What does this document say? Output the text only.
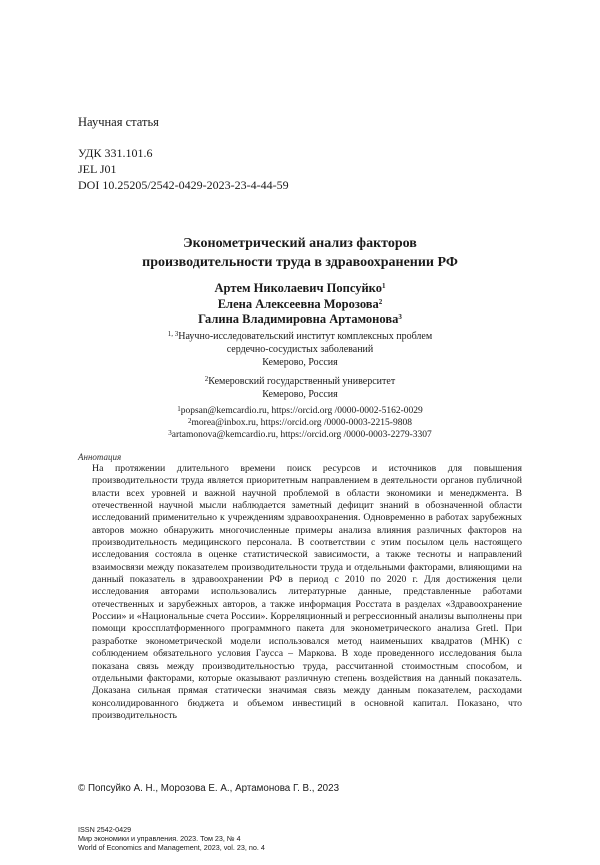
Научная статья
УДК 331.101.6
JEL J01
DOI 10.25205/2542-0429-2023-23-4-44-59
Эконометрический анализ факторов
производительности труда в здравоохранении РФ
Артем Николаевич Попсуйко$^1$
Елена Алексеевна Морозова$^2$
Галина Владимировна Артамонова$^3$
$^{1, 3}$Научно-исследовательский институт комплексных проблем
сердечно-сосудистых заболеваний
Кемерово, Россия
$^2$Кемеровский государственный университет
Кемерово, Россия
$^1$popsan@kemcardio.ru, https://orcid.org /0000-0002-5162-0029
$^2$morea@inbox.ru, https://orcid.org /0000-0003-2215-9808
$^3$artamonova@kemcardio.ru, https://orcid.org /0000-0003-2279-3307
Аннотация
На протяжении длительного времени поиск ресурсов и источников для повышения производительности труда является приоритетным направлением в деятельности органов публичной власти всех уровней и важной научной проблемой в области экономики и менеджмента. В отечественной научной мысли наблюдается заметный дефицит знаний в обозначенной области исследований применительно к учреждениям здравоохранения. Одновременно в работах зарубежных авторов можно обнаружить многочисленные примеры анализа влияния различных факторов на производительность медицинского персонала. В соответствии с этим посылом цель настоящего исследования состояла в оценке статистической зависимости, а также тесноты и направлений взаимосвязи между показателем производительности труда и отдельными факторами, влияющими на данный показатель в здравоохранении РФ в период с 2010 по 2020 г. Для достижения цели исследования авторами использовались литературные данные, представленные работами отечественных и зарубежных авторов, а также информация Росстата в разделах «Здравоохранение России» и «Национальные счета России». Корреляционный и регрессионный анализы выполнены при помощи кроссплатформенного программного пакета для эконометрического анализа Gretl. При разработке эконометрической модели использовался метод наименьших квадратов (МНК) с соблюдением обязательного условия Гаусса – Маркова. В ходе проведенного исследования была показана связь между производительностью труда, рассчитанной стоимостным способом, и отдельными факторами, которые оказывают различную степень воздействия на данный показатель. Доказана сильная прямая статически значимая связь между данным показателем, расходами консолидированного бюджета и объемом инвестиций в основной капитал. Показано, что производительность
© Попсуйко А. Н., Морозова Е. А., Артамонова Г. В., 2023
ISSN 2542-0429
Мир экономики и управления. 2023. Том 23, № 4
World of Economics and Management, 2023, vol. 23, no. 4
